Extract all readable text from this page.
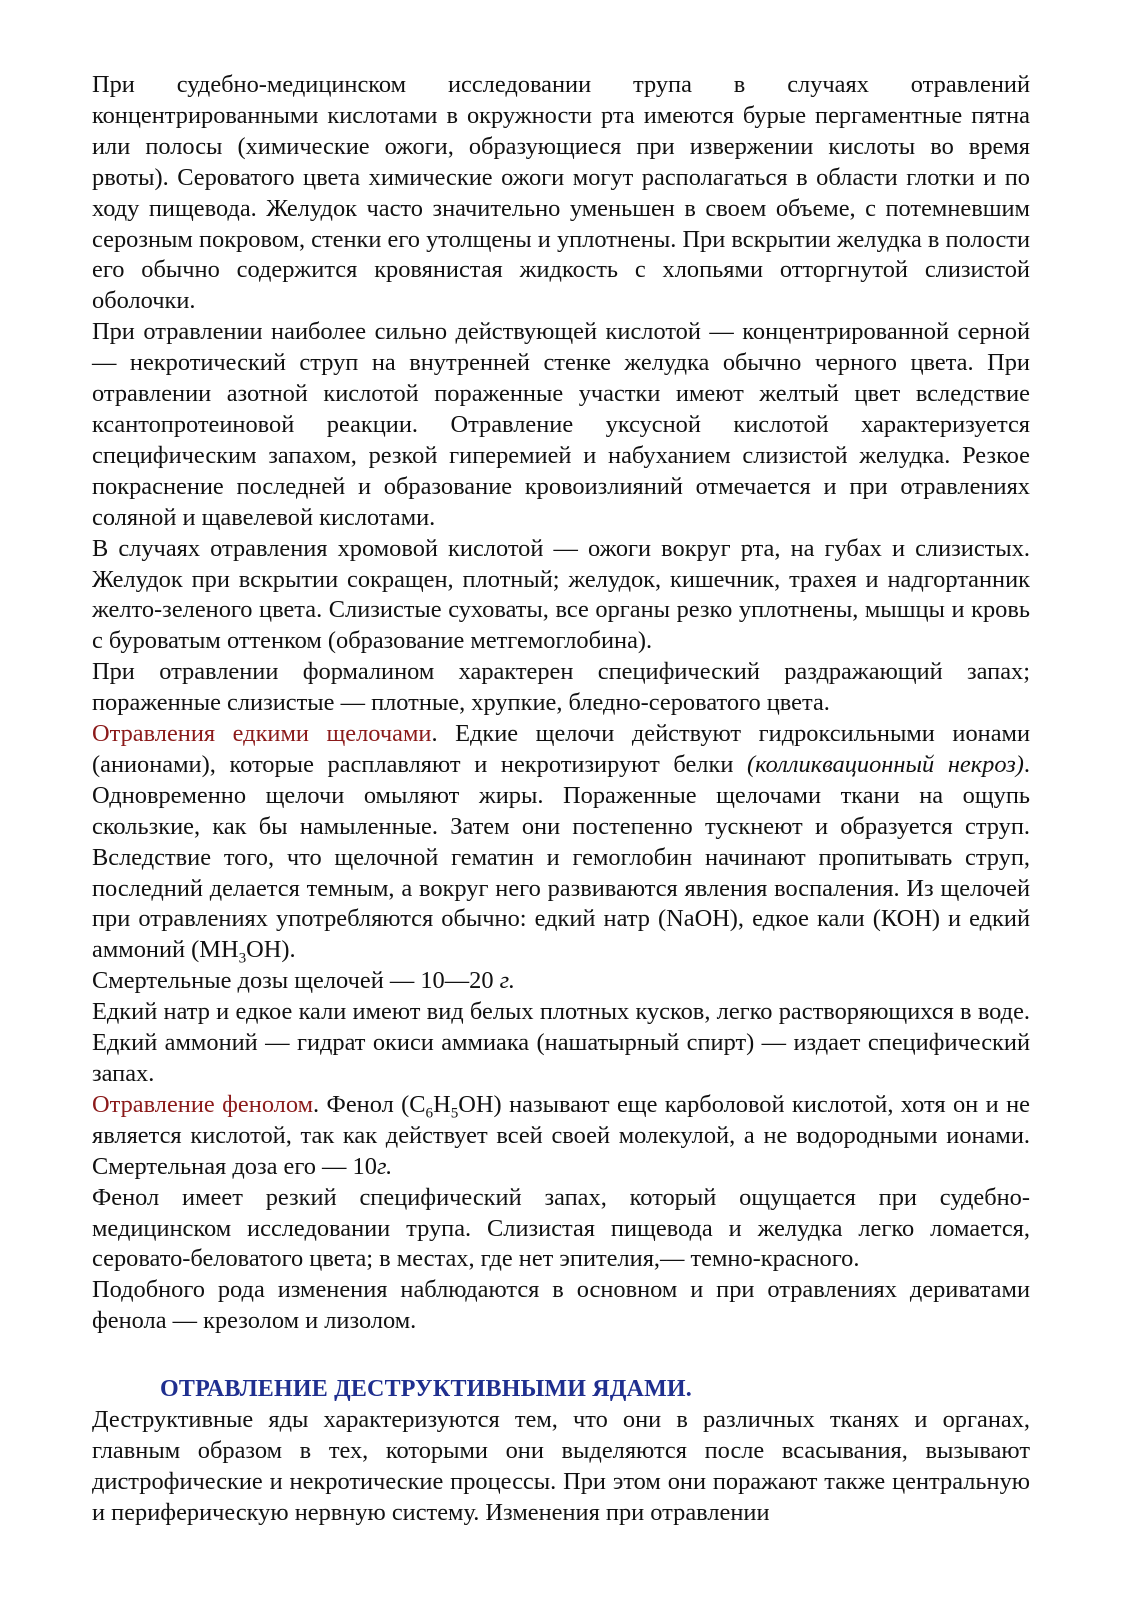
При судебно-медицинском исследовании трупа в случаях отравлений концентрированными кислотами в окружности рта имеются бурые пергаментные пятна или полосы (химические ожоги, образующиеся при извержении кислоты во время рвоты). Сероватого цвета химические ожоги могут располагаться в области глотки и по ходу пищевода. Желудок часто значительно уменьшен в своем объеме, с потемневшим серозным покровом, стенки его утолщены и уплотнены. При вскрытии желудка в полости его обычно содержится кровянистая жидкость с хлопьями отторгнутой слизистой оболочки.

При отравлении наиболее сильно действующей кислотой — концентрированной серной — некротический струп на внутренней стенке желудка обычно черного цвета. При отравлении азотной кислотой пораженные участки имеют желтый цвет вследствие ксантопротеиновой реакции. Отравление уксусной кислотой характеризуется специфическим запахом, резкой гиперемией и набуханием слизистой желудка. Резкое покраснение последней и образование кровоизлияний отмечается и при отравлениях соляной и щавелевой кислотами.

В случаях отравления хромовой кислотой — ожоги вокруг рта, на губах и слизистых. Желудок при вскрытии сокращен, плотный; желудок, кишечник, трахея и надгортанник желто-зеленого цвета. Слизистые суховаты, все органы резко уплотнены, мышцы и кровь с буроватым оттенком (образование метгемоглобина).

При отравлении формалином характерен специфический раздражающий запах; пораженные слизистые — плотные, хрупкие, бледно-сероватого цвета.

Отравления едкими щелочами. Едкие щелочи действуют гидроксильными ионами (анионами), которые расплавляют и некротизируют белки (колликвационный некроз). Одновременно щелочи омыляют жиры. Пораженные щелочами ткани на ощупь скользкие, как бы намыленные. Затем они постепенно тускнеют и образуется струп. Вследствие того, что щелочной гематин и гемоглобин начинают пропитывать струп, последний делается темным, а вокруг него развиваются явления воспаления. Из щелочей при отравлениях употребляются обычно: едкий натр (NaOH), едкое кали (КОН) и едкий аммоний $(МН_3ОН)$.

Смертельные дозы щелочей — 10—20 г.

Едкий натр и едкое кали имеют вид белых плотных кусков, легко растворяющихся в воде. Едкий аммоний — гидрат окиси аммиака (нашатырный спирт) — издает специфический запах.

Отравление фенолом. Фенол $(С_6Н_5ОН)$ называют еще карболовой кислотой, хотя он и не является кислотой, так как действует всей своей молекулой, а не водородными ионами. Смертельная доза его — 10г.

Фенол имеет резкий специфический запах, который ощущается при судебно-медицинском исследовании трупа. Слизистая пищевода и желудка легко ломается, серовато-беловатого цвета; в местах, где нет эпителия,— темно-красного.

Подобного рода изменения наблюдаются в основном и при отравлениях дериватами фенола — крезолом и лизолом.

ОТРАВЛЕНИЕ ДЕСТРУКТИВНЫМИ ЯДАМИ.

Деструктивные яды характеризуются тем, что они в различных тканях и органах, главным образом в тех, которыми они выделяются после всасывания, вызывают дистрофические и некротические процессы. При этом они поражают также центральную и периферическую нервную систему. Изменения при отравлении
